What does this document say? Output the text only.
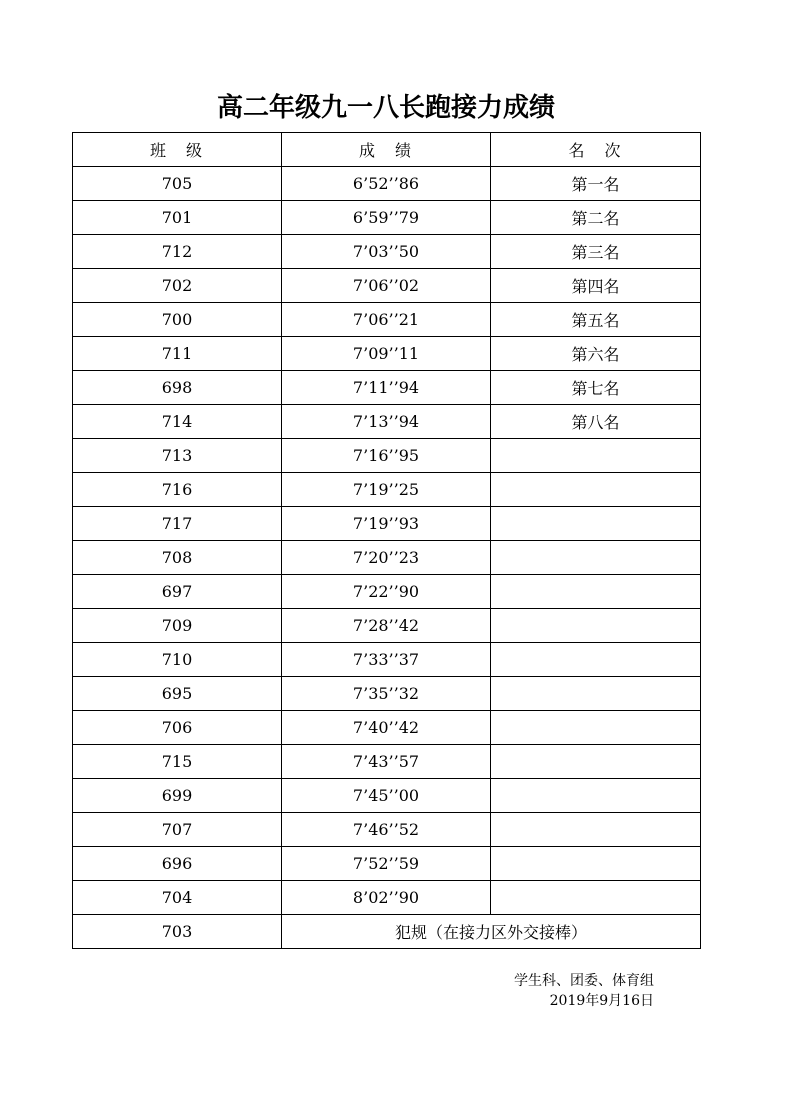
高二年级九一八长跑接力成绩
班　级	成　绩	名　次
705	6’52’’86	第一名
701	6’59’’79	第二名
712	7’03’’50	第三名
702	7’06’’02	第四名
700	7’06’’21	第五名
711	7’09’’11	第六名
698	7’11’’94	第七名
714	7’13’’94	第八名
713	7’16’’95	
716	7’19’’25	
717	7’19’’93	
708	7’20’’23	
697	7’22’’90	
709	7’28’’42	
710	7’33’’37	
695	7’35’’32	
706	7’40’’42	
715	7’43’’57	
699	7’45’’00	
707	7’46’’52	
696	7’52’’59	
704	8’02’’90	
703	犯规（在接力区外交接棒）	
学生科、团委、体育组
2019年9月16日
